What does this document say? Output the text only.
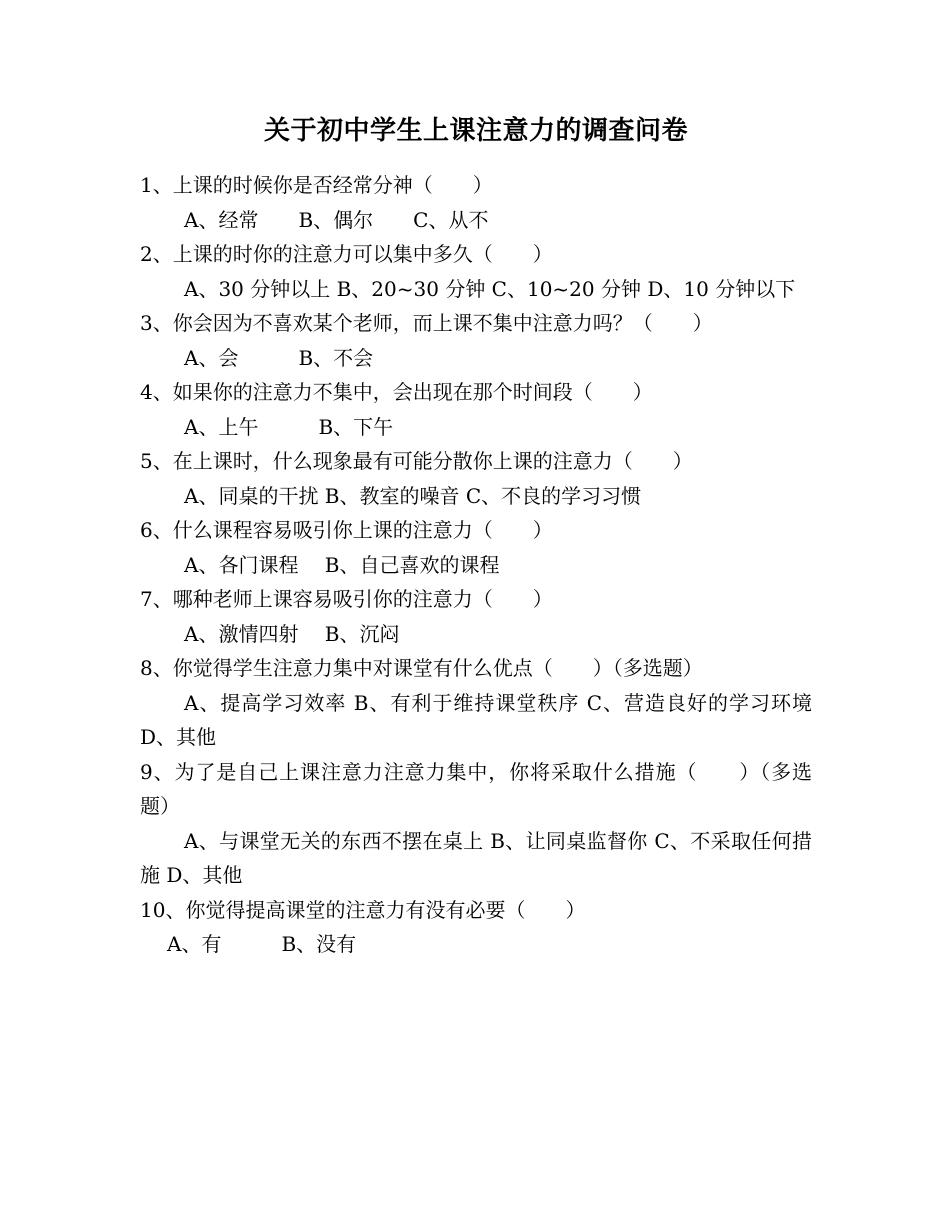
关于初中学生上课注意力的调查问卷
1、上课的时候你是否经常分神（　　）
A、经常　　B、偶尔　　C、从不
2、上课的时你的注意力可以集中多久（　　）
A、30 分钟以上 B、20~30 分钟 C、10~20 分钟 D、10 分钟以下
3、你会因为不喜欢某个老师，而上课不集中注意力吗？（　　）
A、会　　　B、不会
4、如果你的注意力不集中，会出现在那个时间段（　　）
A、上午　　　B、下午
5、在上课时，什么现象最有可能分散你上课的注意力（　　）
A、同桌的干扰 B、教室的噪音 C、不良的学习习惯
6、什么课程容易吸引你上课的注意力（　　）
A、各门课程　 B、自己喜欢的课程
7、哪种老师上课容易吸引你的注意力（　　）
A、激情四射　 B、沉闷
8、你觉得学生注意力集中对课堂有什么优点（　　）（多选题）
A、提高学习效率 B、有利于维持课堂秩序 C、营造良好的学习环境 D、其他
9、为了是自己上课注意力注意力集中，你将采取什么措施（　　）（多选题）
A、与课堂无关的东西不摆在桌上 B、让同桌监督你 C、不采取任何措施 D、其他
10、你觉得提高课堂的注意力有没有必要（　　）
A、有　　　B、没有
